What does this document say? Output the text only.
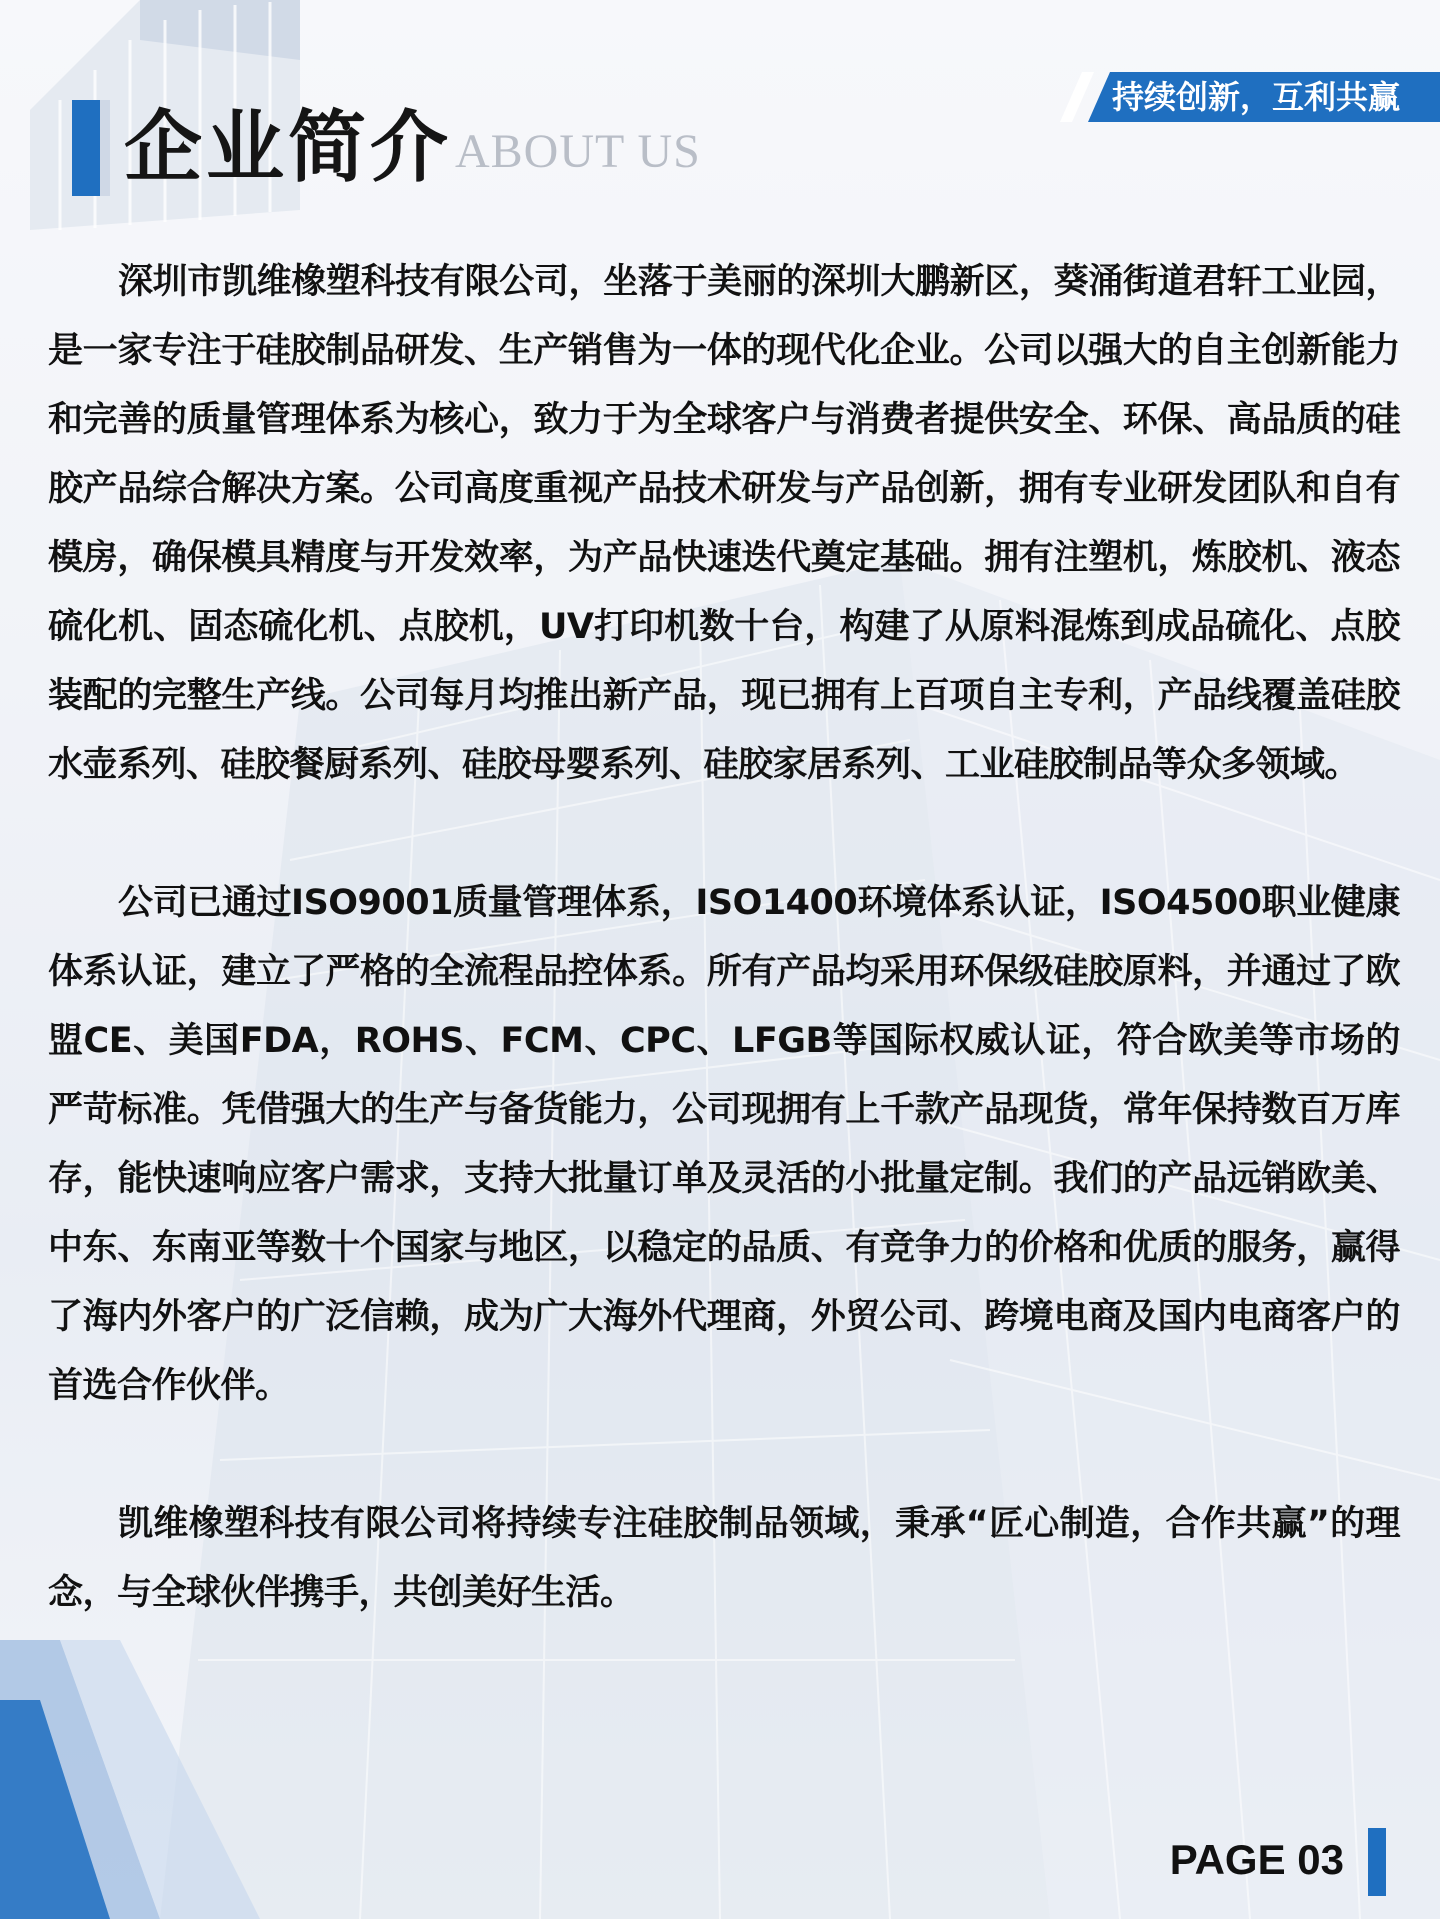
企业简介 ABOUT US
持续创新，互利共赢

深圳市凯维橡塑科技有限公司，坐落于美丽的深圳大鹏新区，葵涌街道君轩工业园，是一家专注于硅胶制品研发、生产销售为一体的现代化企业。公司以强大的自主创新能力和完善的质量管理体系为核心，致力于为全球客户与消费者提供安全、环保、高品质的硅胶产品综合解决方案。公司高度重视产品技术研发与产品创新，拥有专业研发团队和自有模房，确保模具精度与开发效率，为产品快速迭代奠定基础。拥有注塑机，炼胶机、液态硫化机、固态硫化机、点胶机，UV打印机数十台，构建了从原料混炼到成品硫化、点胶装配的完整生产线。公司每月均推出新产品，现已拥有上百项自主专利，产品线覆盖硅胶水壶系列、硅胶餐厨系列、硅胶母婴系列、硅胶家居系列、工业硅胶制品等众多领域。

公司已通过ISO9001质量管理体系，ISO1400环境体系认证，ISO4500职业健康体系认证，建立了严格的全流程品控体系。所有产品均采用环保级硅胶原料，并通过了欧盟CE、美国FDA，ROHS、FCM、CPC、LFGB等国际权威认证，符合欧美等市场的严苛标准。凭借强大的生产与备货能力，公司现拥有上千款产品现货，常年保持数百万库存，能快速响应客户需求，支持大批量订单及灵活的小批量定制。我们的产品远销欧美、中东、东南亚等数十个国家与地区，以稳定的品质、有竞争力的价格和优质的服务，赢得了海内外客户的广泛信赖，成为广大海外代理商，外贸公司、跨境电商及国内电商客户的首选合作伙伴。

凯维橡塑科技有限公司将持续专注硅胶制品领域，秉承“匠心制造，合作共赢”的理念，与全球伙伴携手，共创美好生活。

PAGE 03
